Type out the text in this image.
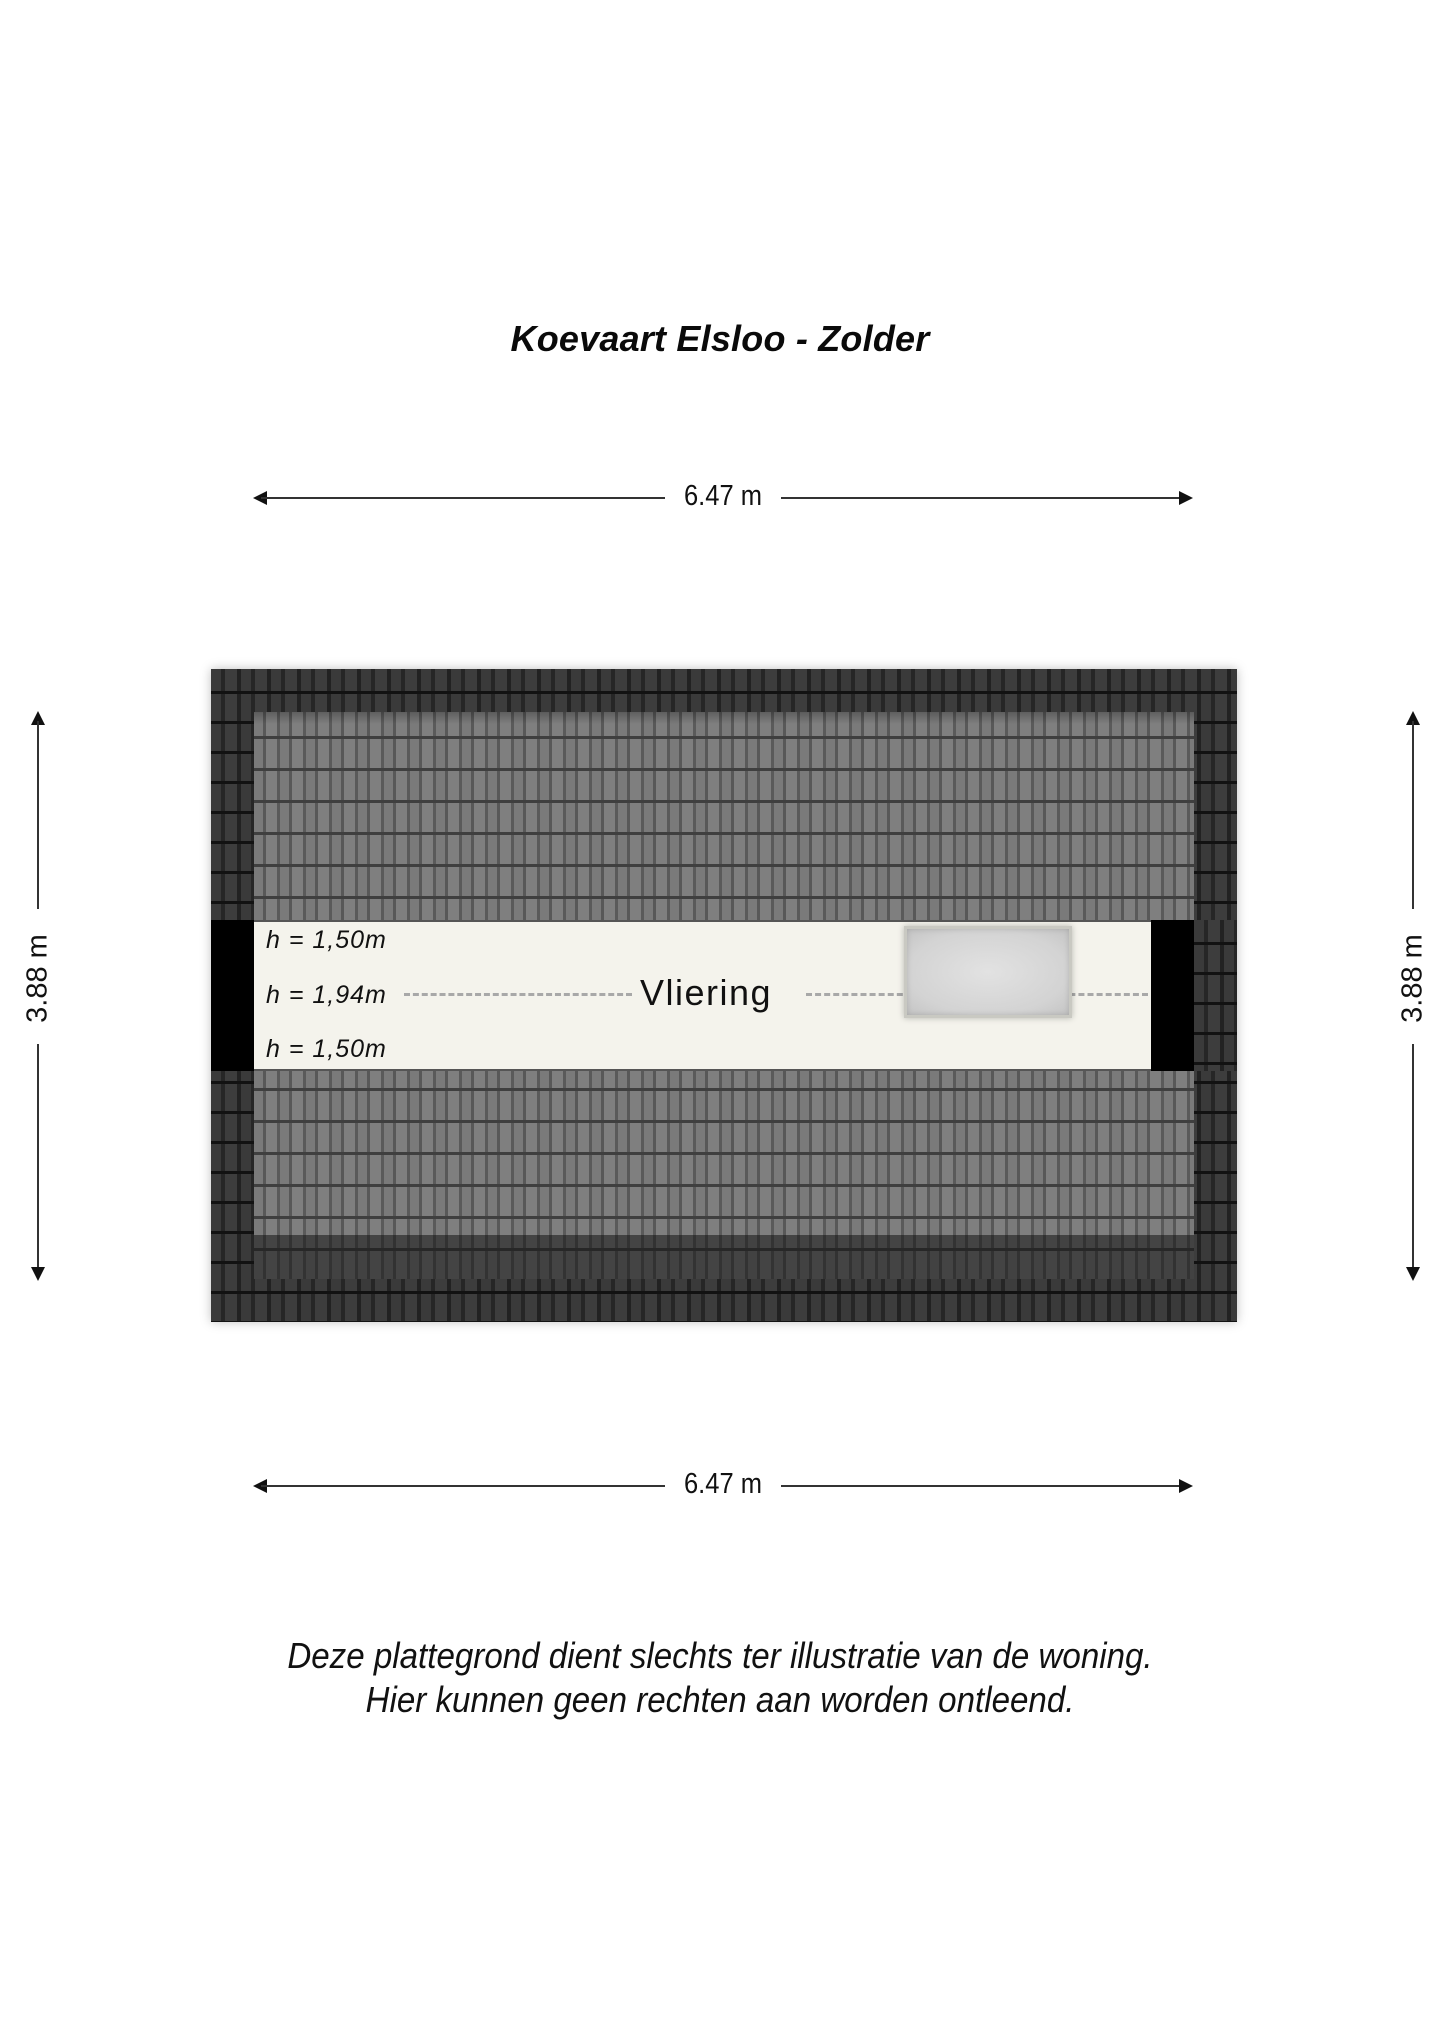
Koevaart Elsloo - Zolder
6.47 m
3.88 m	3.88 m
h = 1,50m
h = 1,94m
h = 1,50m
Vliering
6.47 m
Deze plattegrond dient slechts ter illustratie van de woning.
Hier kunnen geen rechten aan worden ontleend.
